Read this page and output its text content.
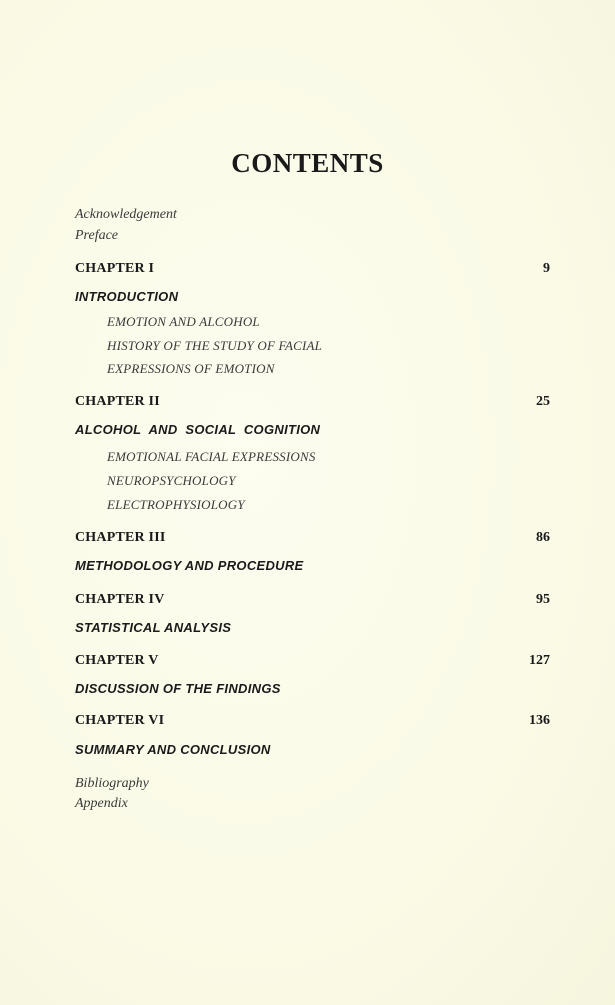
CONTENTS
Acknowledgement
Preface
CHAPTER I	9
INTRODUCTION
EMOTION AND ALCOHOL
HISTORY OF THE STUDY OF FACIAL
EXPRESSIONS OF EMOTION
CHAPTER II	25
ALCOHOL  AND  SOCIAL  COGNITION
EMOTIONAL FACIAL EXPRESSIONS
NEUROPSYCHOLOGY
ELECTROPHYSIOLOGY
CHAPTER III	86
METHODOLOGY AND PROCEDURE
CHAPTER IV	95
STATISTICAL ANALYSIS
CHAPTER V	127
DISCUSSION OF THE FINDINGS
CHAPTER VI	136
SUMMARY AND CONCLUSION
Bibliography
Appendix
